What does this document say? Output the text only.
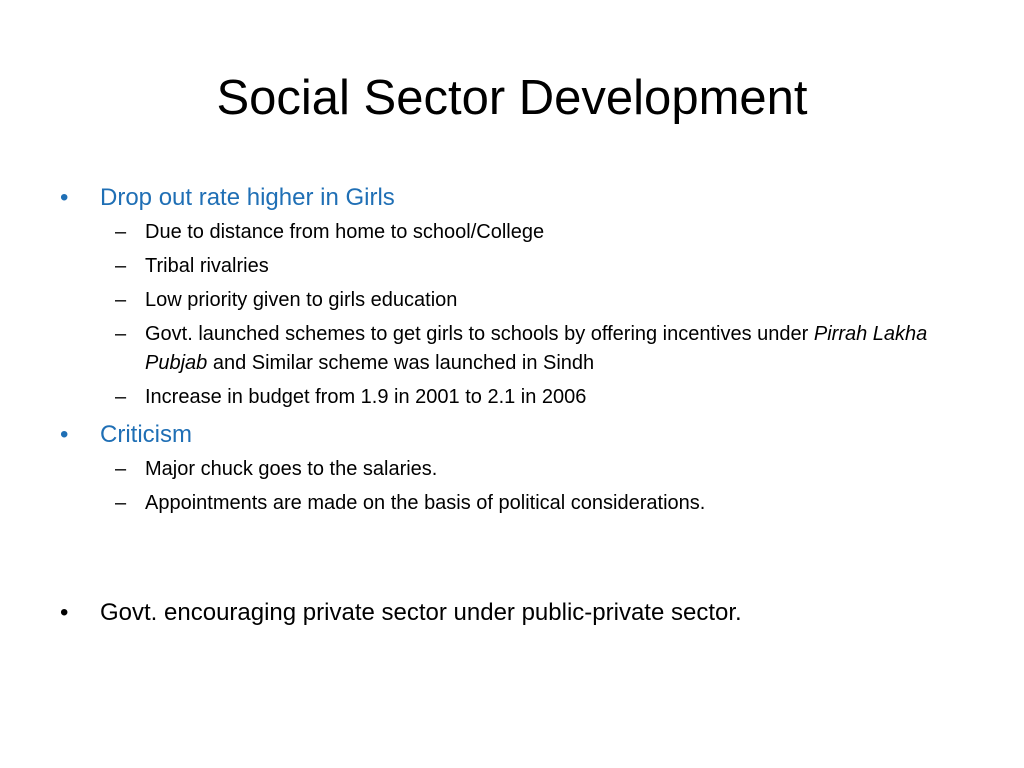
Social Sector Development
•	Drop out rate higher in Girls
– Due to distance from home to school/College
– Tribal rivalries
– Low priority given to girls education
– Govt. launched schemes to get girls to schools by offering incentives under Pirrah Lakha Pubjab and Similar scheme was launched in Sindh
– Increase in budget from 1.9 in 2001 to 2.1 in 2006
•	Criticism
– Major chuck goes to the salaries.
– Appointments are made on the basis of political considerations.
•	Govt. encouraging private sector under public-private sector.
